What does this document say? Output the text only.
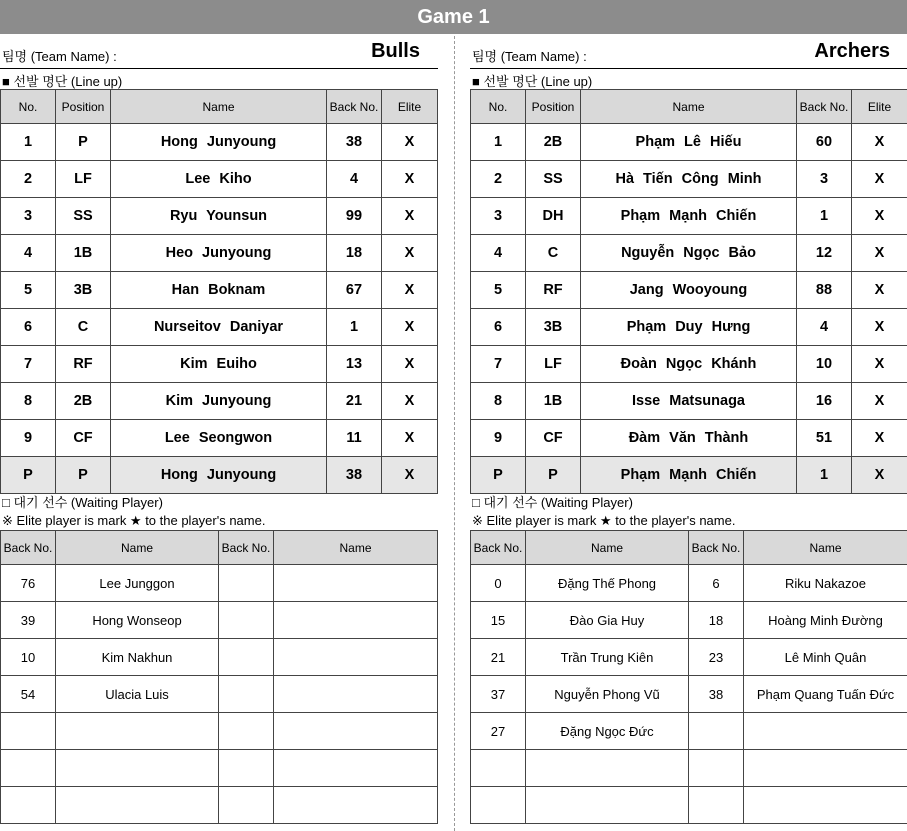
Game 1
팀명 (Team Name) :	Bulls
■ 선발 명단 (Line up)
No.	Position	Name	Back No.	Elite
1	P	Hong Junyoung	38	X
2	LF	Lee Kiho	4	X
3	SS	Ryu Younsun	99	X
4	1B	Heo Junyoung	18	X
5	3B	Han Boknam	67	X
6	C	Nurseitov Daniyar	1	X
7	RF	Kim Euiho	13	X
8	2B	Kim Junyoung	21	X
9	CF	Lee Seongwon	11	X
P	P	Hong Junyoung	38	X
□ 대기 선수 (Waiting Player)
※ Elite player is mark ★ to the player's name.
Back No.	Name	Back No.	Name
76	Lee Junggon		
39	Hong Wonseop		
10	Kim Nakhun		
54	Ulacia Luis		

팀명 (Team Name) :	Archers
■ 선발 명단 (Line up)
No.	Position	Name	Back No.	Elite
1	2B	Phạm Lê Hiếu	60	X
2	SS	Hà Tiến Công Minh	3	X
3	DH	Phạm Mạnh Chiến	1	X
4	C	Nguyễn Ngọc Bảo	12	X
5	RF	Jang Wooyoung	88	X
6	3B	Phạm Duy Hưng	4	X
7	LF	Đoàn Ngọc Khánh	10	X
8	1B	Isse Matsunaga	16	X
9	CF	Đàm Văn Thành	51	X
P	P	Phạm Mạnh Chiến	1	X
□ 대기 선수 (Waiting Player)
※ Elite player is mark ★ to the player's name.
Back No.	Name	Back No.	Name
0	Đặng Thế Phong	6	Riku Nakazoe
15	Đào Gia Huy	18	Hoàng Minh Đường
21	Trần Trung Kiên	23	Lê Minh Quân
37	Nguyễn Phong Vũ	38	Phạm Quang Tuấn Đức
27	Đặng Ngọc Đức		
